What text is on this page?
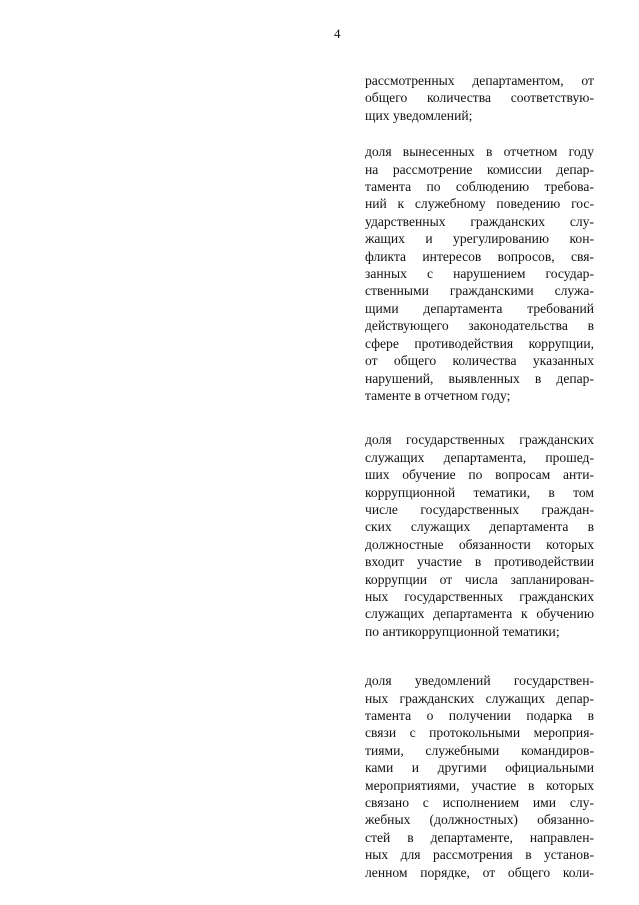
4

рассмотренных департаментом, от
общего количества соответствую-
щих уведомлений;

доля вынесенных в отчетном году
на рассмотрение комиссии депар-
тамента по соблюдению требова-
ний к служебному поведению гос-
ударственных гражданских слу-
жащих и урегулированию кон-
фликта интересов вопросов, свя-
занных с нарушением государ-
ственными гражданскими служа-
щими департамента требований
действующего законодательства в
сфере противодействия коррупции,
от общего количества указанных
нарушений, выявленных в депар-
таменте в отчетном году;

доля государственных гражданских
служащих департамента, прошед-
ших обучение по вопросам анти-
коррупционной тематики, в том
числе государственных граждан-
ских служащих департамента в
должностные обязанности которых
входит участие в противодействии
коррупции от числа запланирован-
ных государственных гражданских
служащих департамента к обучению
по антикоррупционной тематики;

доля уведомлений государствен-
ных гражданских служащих депар-
тамента о получении подарка в
связи с протокольными мероприя-
тиями, служебными командиров-
ками и другими официальными
мероприятиями, участие в которых
связано с исполнением ими слу-
жебных (должностных) обязанно-
стей в департаменте, направлен-
ных для рассмотрения в установ-
ленном порядке, от общего коли-
